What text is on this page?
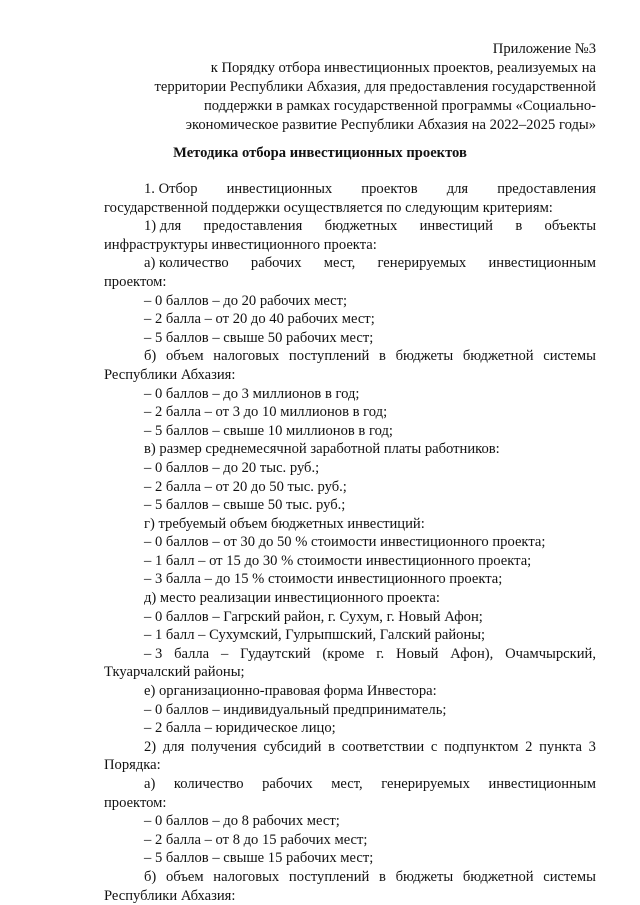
Приложение №3
к Порядку отбора инвестиционных проектов, реализуемых на
территории Республики Абхазия, для предоставления государственной
поддержки в рамках государственной программы «Социально-
экономическое развитие Республики Абхазия на 2022–2025 годы»
Методика отбора инвестиционных проектов
1. Отбор инвестиционных проектов для предоставления
государственной поддержки осуществляется по следующим критериям:
1) для предоставления бюджетных инвестиций в объекты
инфраструктуры инвестиционного проекта:
а) количество рабочих мест, генерируемых инвестиционным
проектом:
– 0 баллов – до 20 рабочих мест;
– 2 балла – от 20 до 40 рабочих мест;
– 5 баллов – свыше 50 рабочих мест;
б) объем налоговых поступлений в бюджеты бюджетной системы
Республики Абхазия:
– 0 баллов – до 3 миллионов в год;
– 2 балла – от 3 до 10 миллионов в год;
– 5 баллов – свыше 10 миллионов в год;
в) размер среднемесячной заработной платы работников:
– 0 баллов – до 20 тыс. руб.;
– 2 балла – от 20 до 50 тыс. руб.;
– 5 баллов – свыше 50 тыс. руб.;
г) требуемый объем бюджетных инвестиций:
– 0 баллов – от 30 до 50 % стоимости инвестиционного проекта;
– 1 балл – от 15 до 30 % стоимости инвестиционного проекта;
– 3 балла – до 15 % стоимости инвестиционного проекта;
д) место реализации инвестиционного проекта:
– 0 баллов – Гагрский район, г. Сухум, г. Новый Афон;
– 1 балл – Сухумский, Гулрыпшский, Галский районы;
– 3 балла – Гудаутский (кроме г. Новый Афон), Очамчырский,
Ткуарчалский районы;
е) организационно-правовая форма Инвестора:
– 0 баллов – индивидуальный предприниматель;
– 2 балла – юридическое лицо;
2) для получения субсидий в соответствии с подпунктом 2 пункта 3
Порядка:
а) количество рабочих мест, генерируемых инвестиционным
проектом:
– 0 баллов – до 8 рабочих мест;
– 2 балла – от 8 до 15 рабочих мест;
– 5 баллов – свыше 15 рабочих мест;
б) объем налоговых поступлений в бюджеты бюджетной системы
Республики Абхазия:
